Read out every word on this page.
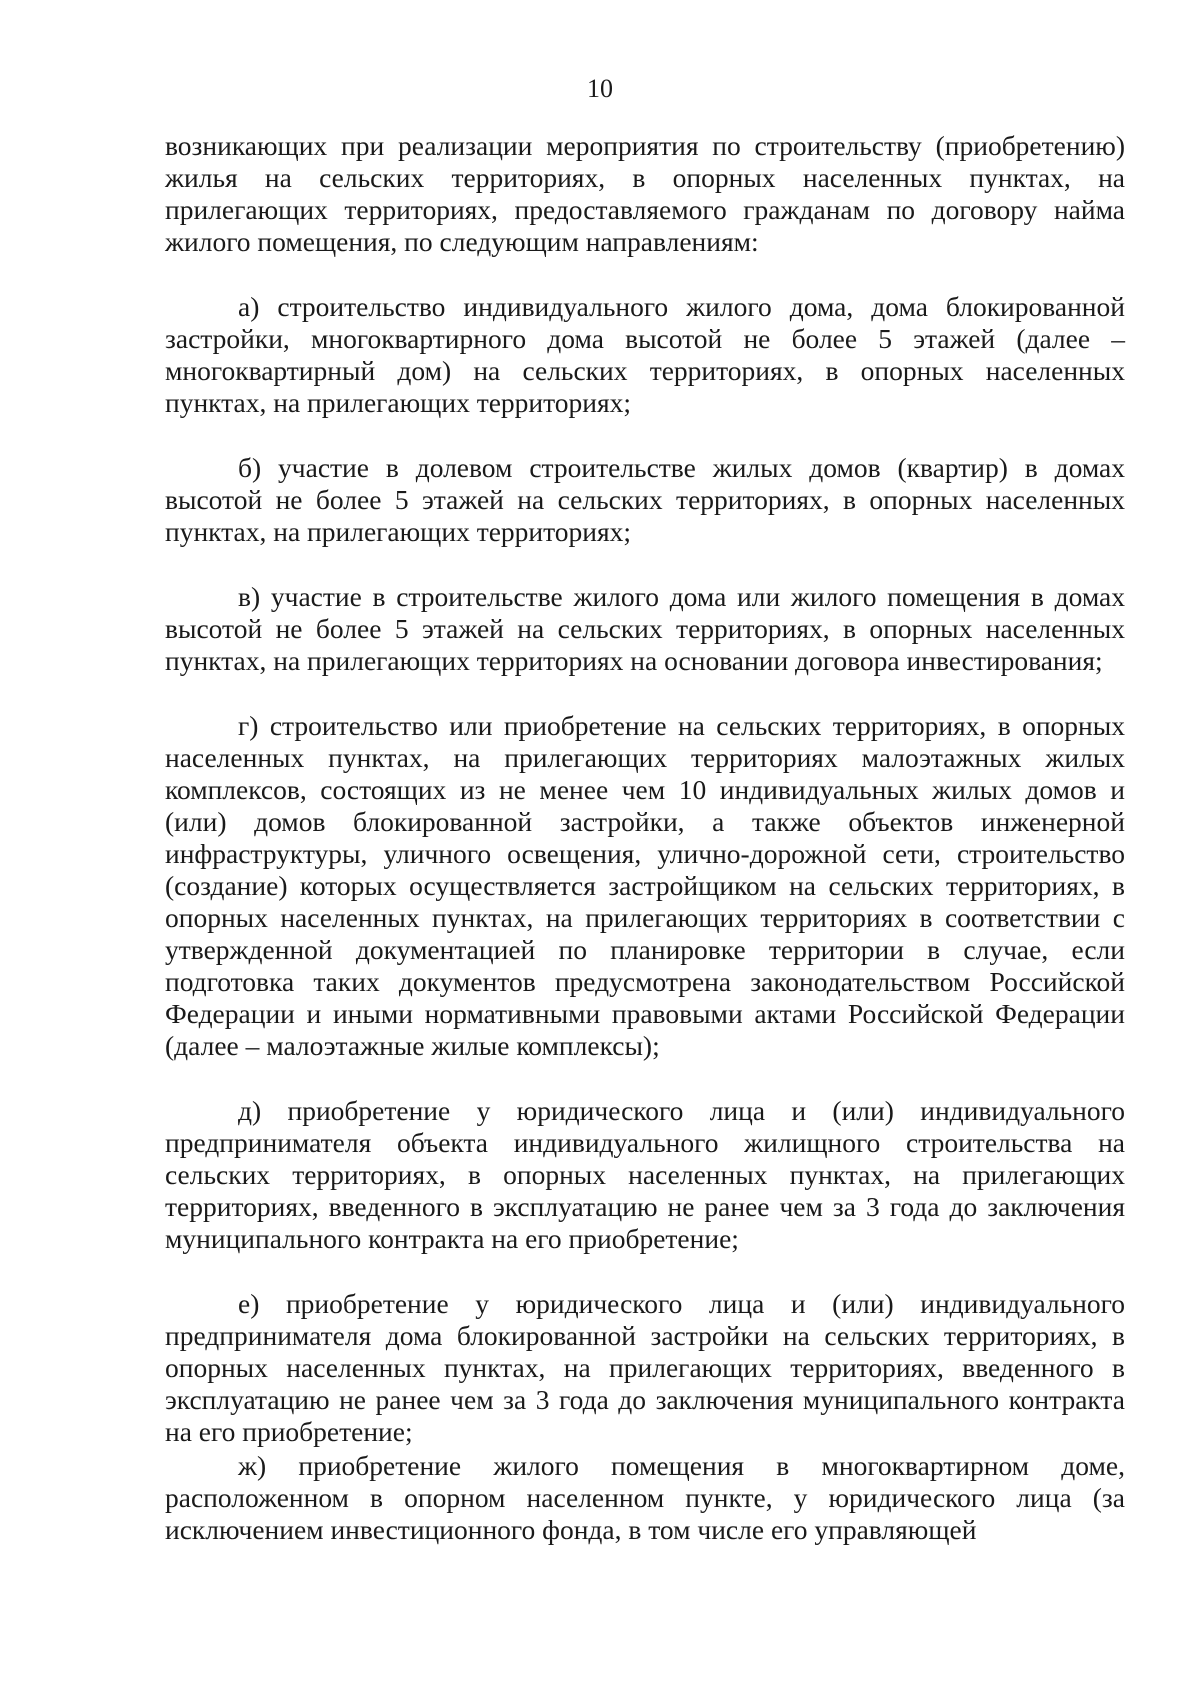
10

возникающих при реализации мероприятия по строительству (приобретению) жилья на сельских территориях, в опорных населенных пунктах, на прилегающих территориях, предоставляемого гражданам по договору найма жилого помещения, по следующим направлениям:

а) строительство индивидуального жилого дома, дома блокированной застройки, многоквартирного дома высотой не более 5 этажей (далее – многоквартирный дом) на сельских территориях, в опорных населенных пунктах, на прилегающих территориях;

б) участие в долевом строительстве жилых домов (квартир) в домах высотой не более 5 этажей на сельских территориях, в опорных населенных пунктах, на прилегающих территориях;

в) участие в строительстве жилого дома или жилого помещения в домах высотой не более 5 этажей на сельских территориях, в опорных населенных пунктах, на прилегающих территориях на основании договора инвестирования;

г) строительство или приобретение на сельских территориях, в опорных населенных пунктах, на прилегающих территориях малоэтажных жилых комплексов, состоящих из не менее чем 10 индивидуальных жилых домов и (или) домов блокированной застройки, а также объектов инженерной инфраструктуры, уличного освещения, улично-дорожной сети, строительство (создание) которых осуществляется застройщиком на сельских территориях, в опорных населенных пунктах, на прилегающих территориях в соответствии с утвержденной документацией по планировке территории в случае, если подготовка таких документов предусмотрена законодательством Российской Федерации и иными нормативными правовыми актами Российской Федерации (далее – малоэтажные жилые комплексы);

д) приобретение у юридического лица и (или) индивидуального предпринимателя объекта индивидуального жилищного строительства на сельских территориях, в опорных населенных пунктах, на прилегающих территориях, введенного в эксплуатацию не ранее чем за 3 года до заключения муниципального контракта на его приобретение;

е) приобретение у юридического лица и (или) индивидуального предпринимателя дома блокированной застройки на сельских территориях, в опорных населенных пунктах, на прилегающих территориях, введенного в эксплуатацию не ранее чем за 3 года до заключения муниципального контракта на его приобретение;

ж) приобретение жилого помещения в многоквартирном доме, расположенном в опорном населенном пункте, у юридического лица (за исключением инвестиционного фонда, в том числе его управляющей
